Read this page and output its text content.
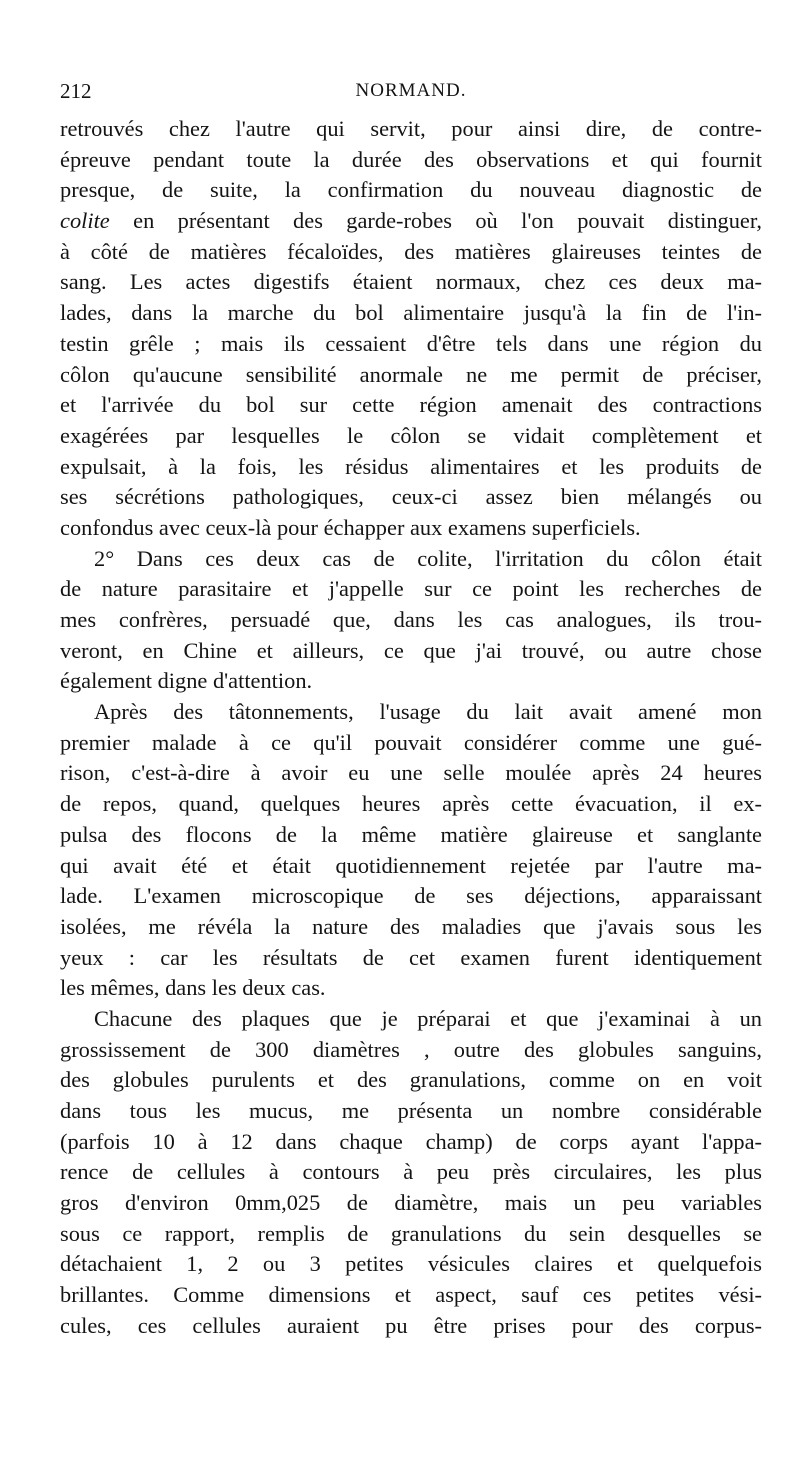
212	NORMAND.
retrouvés chez l'autre qui servit, pour ainsi dire, de contre-
épreuve pendant toute la durée des observations et qui fournit
presque, de suite, la confirmation du nouveau diagnostic de
colite en présentant des garde-robes où l'on pouvait distinguer,
à côté de matières fécaloïdes, des matières glaireuses teintes de
sang. Les actes digestifs étaient normaux, chez ces deux ma-
lades, dans la marche du bol alimentaire jusqu'à la fin de l'in-
testin grêle ; mais ils cessaient d'être tels dans une région du
côlon qu'aucune sensibilité anormale ne me permit de préciser,
et l'arrivée du bol sur cette région amenait des contractions
exagérées par lesquelles le côlon se vidait complètement et
expulsait, à la fois, les résidus alimentaires et les produits de
ses sécrétions pathologiques, ceux-ci assez bien mélangés ou
confondus avec ceux-là pour échapper aux examens superficiels.
2° Dans ces deux cas de colite, l'irritation du côlon était
de nature parasitaire et j'appelle sur ce point les recherches de
mes confrères, persuadé que, dans les cas analogues, ils trou-
veront, en Chine et ailleurs, ce que j'ai trouvé, ou autre chose
également digne d'attention.
Après des tâtonnements, l'usage du lait avait amené mon
premier malade à ce qu'il pouvait considérer comme une gué-
rison, c'est-à-dire à avoir eu une selle moulée après 24 heures
de repos, quand, quelques heures après cette évacuation, il ex-
pulsa des flocons de la même matière glaireuse et sanglante
qui avait été et était quotidiennement rejetée par l'autre ma-
lade. L'examen microscopique de ses déjections, apparaissant
isolées, me révéla la nature des maladies que j'avais sous les
yeux : car les résultats de cet examen furent identiquement
les mêmes, dans les deux cas.
Chacune des plaques que je préparai et que j'examinai à un
grossissement de 300 diamètres , outre des globules sanguins,
des globules purulents et des granulations, comme on en voit
dans tous les mucus, me présenta un nombre considérable
(parfois 10 à 12 dans chaque champ) de corps ayant l'appa-
rence de cellules à contours à peu près circulaires, les plus
gros d'environ 0mm,025 de diamètre, mais un peu variables
sous ce rapport, remplis de granulations du sein desquelles se
détachaient 1, 2 ou 3 petites vésicules claires et quelquefois
brillantes. Comme dimensions et aspect, sauf ces petites vési-
cules, ces cellules auraient pu être prises pour des corpus-
